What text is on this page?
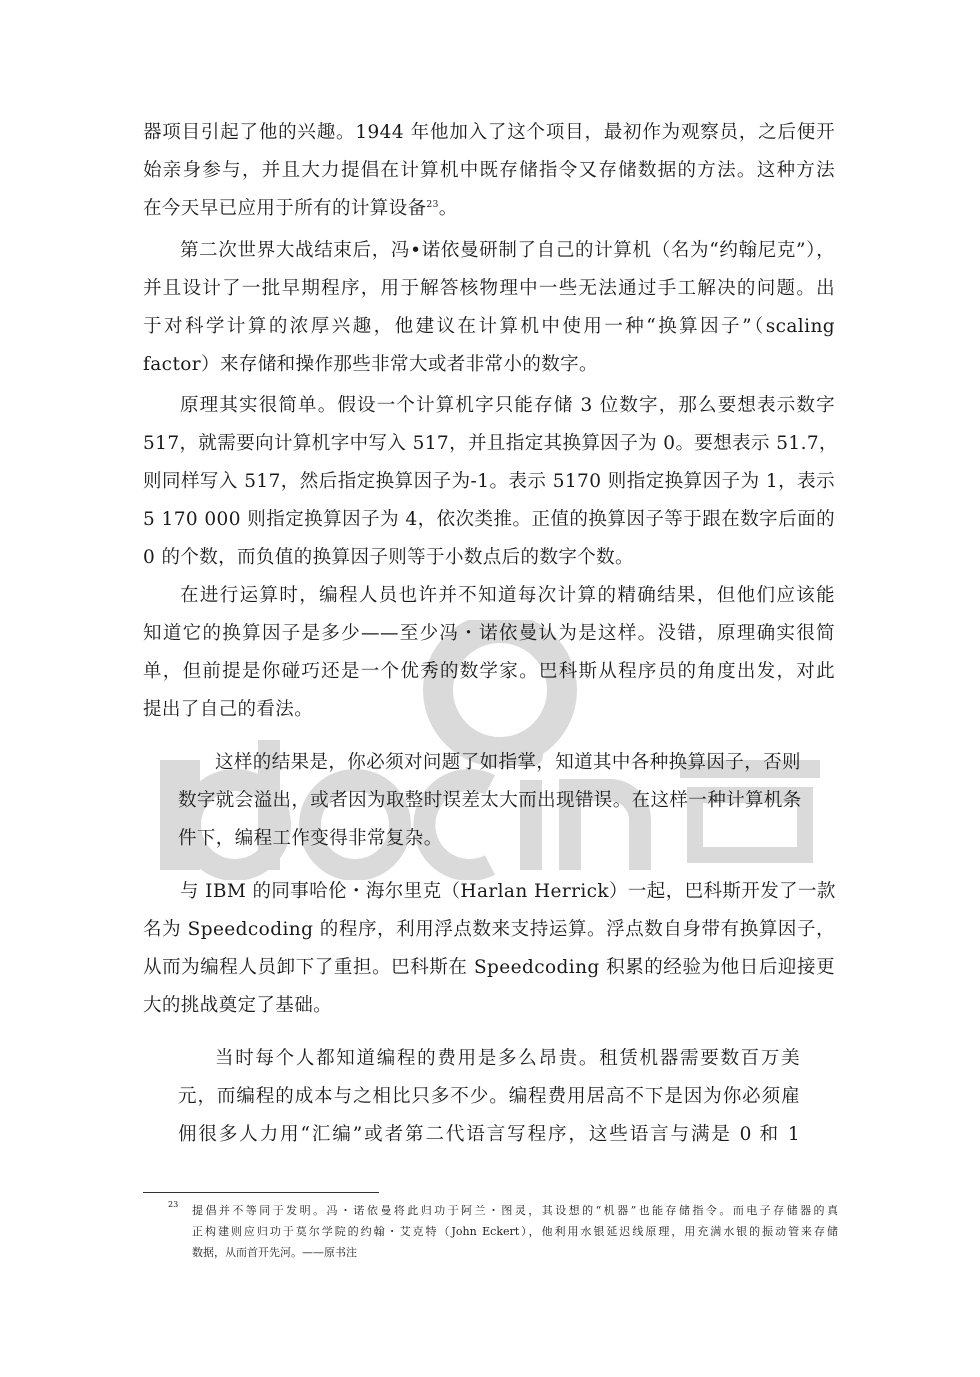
器项目引起了他的兴趣。1944 年他加入了这个项目，最初作为观察员，之后便开
始亲身参与，并且大力提倡在计算机中既存储指令又存储数据的方法。这种方法
在今天早已应用于所有的计算设备$^{23}$。
第二次世界大战结束后，冯•诺依曼研制了自己的计算机（名为“约翰尼克”），
并且设计了一批早期程序，用于解答核物理中一些无法通过手工解决的问题。出
于对科学计算的浓厚兴趣，他建议在计算机中使用一种“换算因子”（scaling
factor）来存储和操作那些非常大或者非常小的数字。
原理其实很简单。假设一个计算机字只能存储 3 位数字，那么要想表示数字
517，就需要向计算机字中写入 517，并且指定其换算因子为 0。要想表示 51.7，
则同样写入 517，然后指定换算因子为-1。表示 5170 则指定换算因子为 1，表示
5 170 000 则指定换算因子为 4，依次类推。正值的换算因子等于跟在数字后面的
0 的个数，而负值的换算因子则等于小数点后的数字个数。
在进行运算时，编程人员也许并不知道每次计算的精确结果，但他们应该能
知道它的换算因子是多少——至少冯・诺依曼认为是这样。没错，原理确实很简
单，但前提是你碰巧还是一个优秀的数学家。巴科斯从程序员的角度出发，对此
提出了自己的看法。
这样的结果是，你必须对问题了如指掌，知道其中各种换算因子，否则
数字就会溢出，或者因为取整时误差太大而出现错误。在这样一种计算机条
件下，编程工作变得非常复杂。
与 IBM 的同事哈伦・海尔里克（Harlan Herrick）一起，巴科斯开发了一款
名为 Speedcoding 的程序，利用浮点数来支持运算。浮点数自身带有换算因子，
从而为编程人员卸下了重担。巴科斯在 Speedcoding 积累的经验为他日后迎接更
大的挑战奠定了基础。
当时每个人都知道编程的费用是多么昂贵。租赁机器需要数百万美
元，而编程的成本与之相比只多不少。编程费用居高不下是因为你必须雇
佣很多人力用“汇编”或者第二代语言写程序，这些语言与满是 0 和 1
23 提倡并不等同于发明。冯・诺依曼将此归功于阿兰・图灵，其设想的“机器”也能存储指令。而电子存储器的真
正构建则应归功于莫尔学院的约翰・艾克特（John Eckert），他利用水银延迟线原理，用充满水银的振动管来存储
数据，从而首开先河。——原书注
